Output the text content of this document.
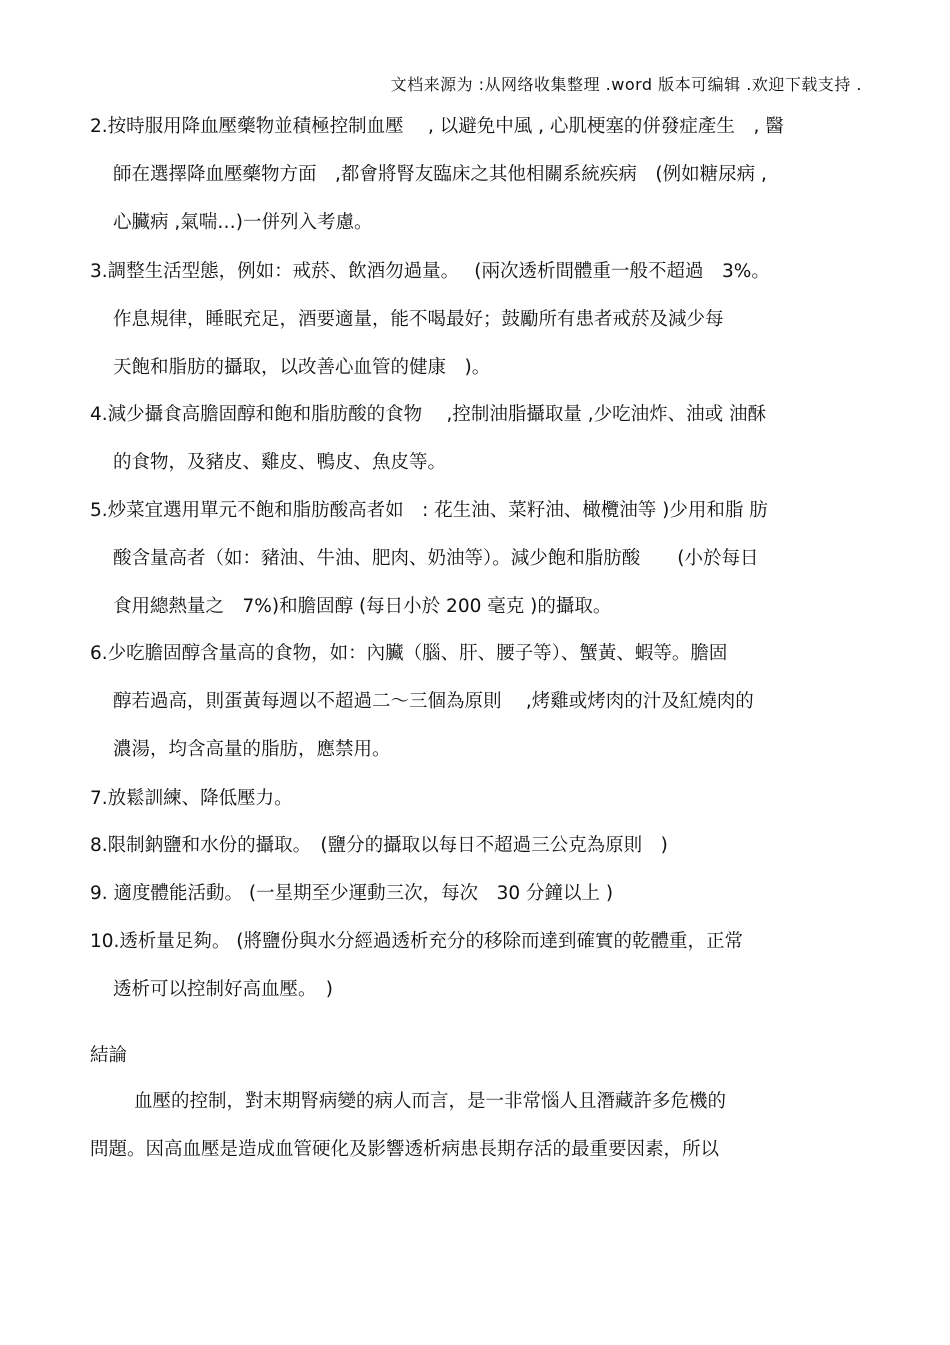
文档来源为 :从网络收集整理 .word 版本可编辑 .欢迎下载支持 .
2.按時服用降血壓藥物並積極控制血壓　 , 以避免中風 , 心肌梗塞的併發症產生　, 醫
師在選擇降血壓藥物方面　,都會將腎友臨床之其他相關系統疾病　(例如糖尿病 ,
心臟病 ,氣喘…)一併列入考慮。
3.調整生活型態，例如：戒菸、飲酒勿過量。　 (兩次透析間體重一般不超過　3%。
作息規律，睡眠充足，酒要適量，能不喝最好；鼓勵所有患者戒菸及減少每
天飽和脂肪的攝取，以改善心血管的健康　)。
4.減少攝食高膽固醇和飽和脂肪酸的食物　 ,控制油脂攝取量 ,少吃油炸、油或 油酥
的食物，及豬皮、雞皮、鴨皮、魚皮等。
5.炒菜宜選用單元不飽和脂肪酸高者如　: 花生油、菜籽油、橄欖油等 )少用和脂 肪
酸含量高者（如：豬油、牛油、肥肉、奶油等）。減少飽和脂肪酸　　(小於每日
食用總熱量之　7%)和膽固醇 (每日小於 200 毫克 )的攝取。
6.少吃膽固醇含量高的食物，如：內臟（腦、肝、腰子等）、蟹黃、蝦等。膽固
醇若過高，則蛋黃每週以不超過二～三個為原則　 ,烤雞或烤肉的汁及紅燒肉的
濃湯，均含高量的脂肪，應禁用。
7.放鬆訓練、降低壓力。
8.限制鈉鹽和水份的攝取。　(鹽分的攝取以每日不超過三公克為原則　)
9. 適度體能活動。 (一星期至少運動三次，每次　30 分鐘以上 )
10.透析量足夠。 (將鹽份與水分經過透析充分的移除而達到確實的乾體重，正常
透析可以控制好高血壓。　)
結論
血壓的控制，對末期腎病變的病人而言，是一非常惱人且潛藏許多危機的
問題。因高血壓是造成血管硬化及影響透析病患長期存活的最重要因素，所以
